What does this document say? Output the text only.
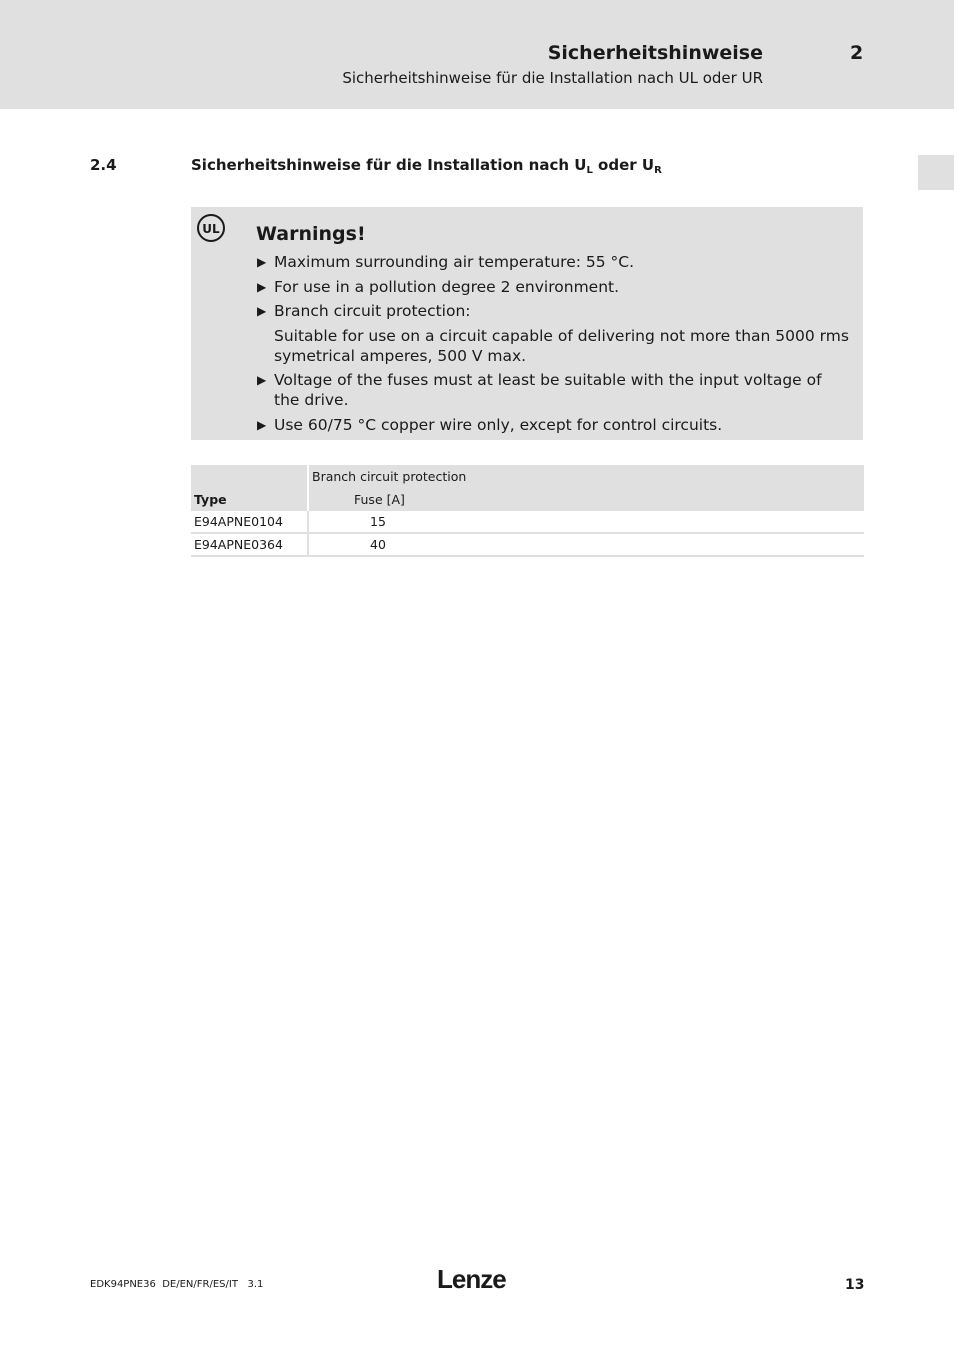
Sicherheitshinweise	2
Sicherheitshinweise für die Installation nach UL oder UR
2.4	Sicherheitshinweise für die Installation nach $U_L$ oder $U_R$
UL Warnings!
▶ Maximum surrounding air temperature: 55 °C.
▶ For use in a pollution degree 2 environment.
▶ Branch circuit protection:
Suitable for use on a circuit capable of delivering not more than 5000 rms symetrical amperes, 500 V max.
▶ Voltage of the fuses must at least be suitable with the input voltage of the drive.
▶ Use 60/75 °C copper wire only, except for control circuits.
	Branch circuit protection
Type	Fuse [A]
E94APNE0104	15
E94APNE0364	40
EDK94PNE36  DE/EN/FR/ES/IT   3.1	Lenze	13
